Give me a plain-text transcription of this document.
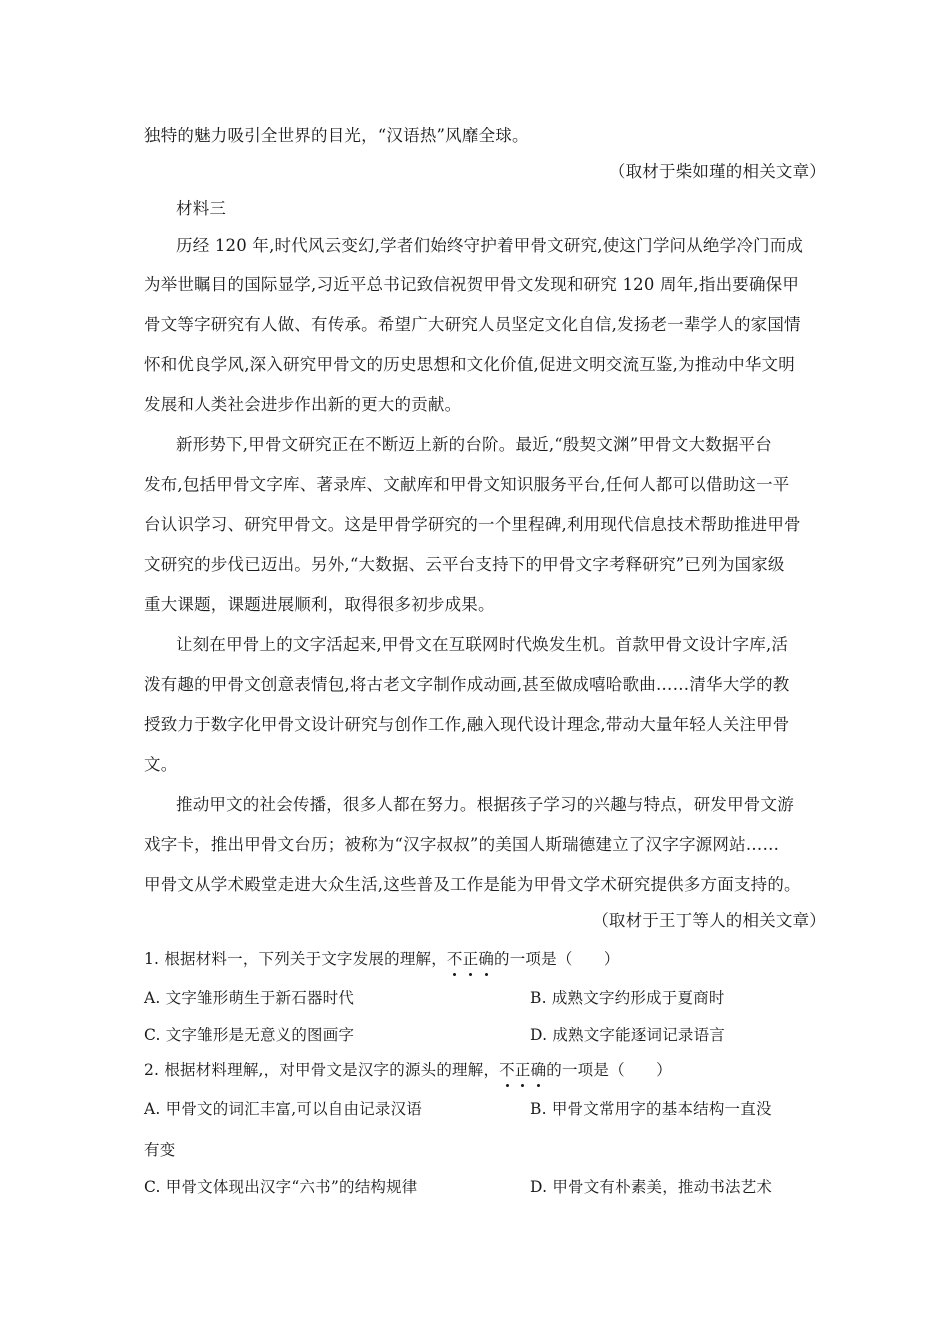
独特的魅力吸引全世界的目光，“汉语热”风靡全球。
（取材于柴如瑾的相关文章）
材料三
历经 120 年,时代风云变幻,学者们始终守护着甲骨文研究,使这门学问从绝学冷门而成
为举世瞩目的国际显学,习近平总书记致信祝贺甲骨文发现和研究 120 周年,指出要确保甲
骨文等字研究有人做、有传承。希望广大研究人员坚定文化自信,发扬老一辈学人的家国情
怀和优良学风,深入研究甲骨文的历史思想和文化价值,促进文明交流互鉴,为推动中华文明
发展和人类社会进步作出新的更大的贡献。
新形势下,甲骨文研究正在不断迈上新的台阶。最近,“殷契文渊”甲骨文大数据平台
发布,包括甲骨文字库、著录库、文献库和甲骨文知识服务平台,任何人都可以借助这一平
台认识学习、研究甲骨文。这是甲骨学研究的一个里程碑,利用现代信息技术帮助推进甲骨
文研究的步伐已迈出。另外,“大数据、云平台支持下的甲骨文字考释研究”已列为国家级
重大课题，课题进展顺利，取得很多初步成果。
让刻在甲骨上的文字活起来,甲骨文在互联网时代焕发生机。首款甲骨文设计字库,活
泼有趣的甲骨文创意表情包,将古老文字制作成动画,甚至做成嘻哈歌曲……清华大学的教
授致力于数字化甲骨文设计研究与创作工作,融入现代设计理念,带动大量年轻人关注甲骨
文。
推动甲文的社会传播，很多人都在努力。根据孩子学习的兴趣与特点，研发甲骨文游
戏字卡，推出甲骨文台历；被称为“汉字叔叔”的美国人斯瑞德建立了汉字字源网站……
甲骨文从学术殿堂走进大众生活,这些普及工作是能为甲骨文学术研究提供多方面支持的。
（取材于王丁等人的相关文章）
1. 根据材料一，下列关于文字发展的理解，不正确的一项是（　　）
A. 文字雏形萌生于新石器时代	B. 成熟文字约形成于夏商时
C. 文字雏形是无意义的图画字	D. 成熟文字能逐词记录语言
2. 根据材料理解,，对甲骨文是汉字的源头的理解，不正确的一项是（　　）
A. 甲骨文的词汇丰富,可以自由记录汉语	B. 甲骨文常用字的基本结构一直没
有变
C. 甲骨文体现出汉字“六书”的结构规律	D. 甲骨文有朴素美，推动书法艺术
